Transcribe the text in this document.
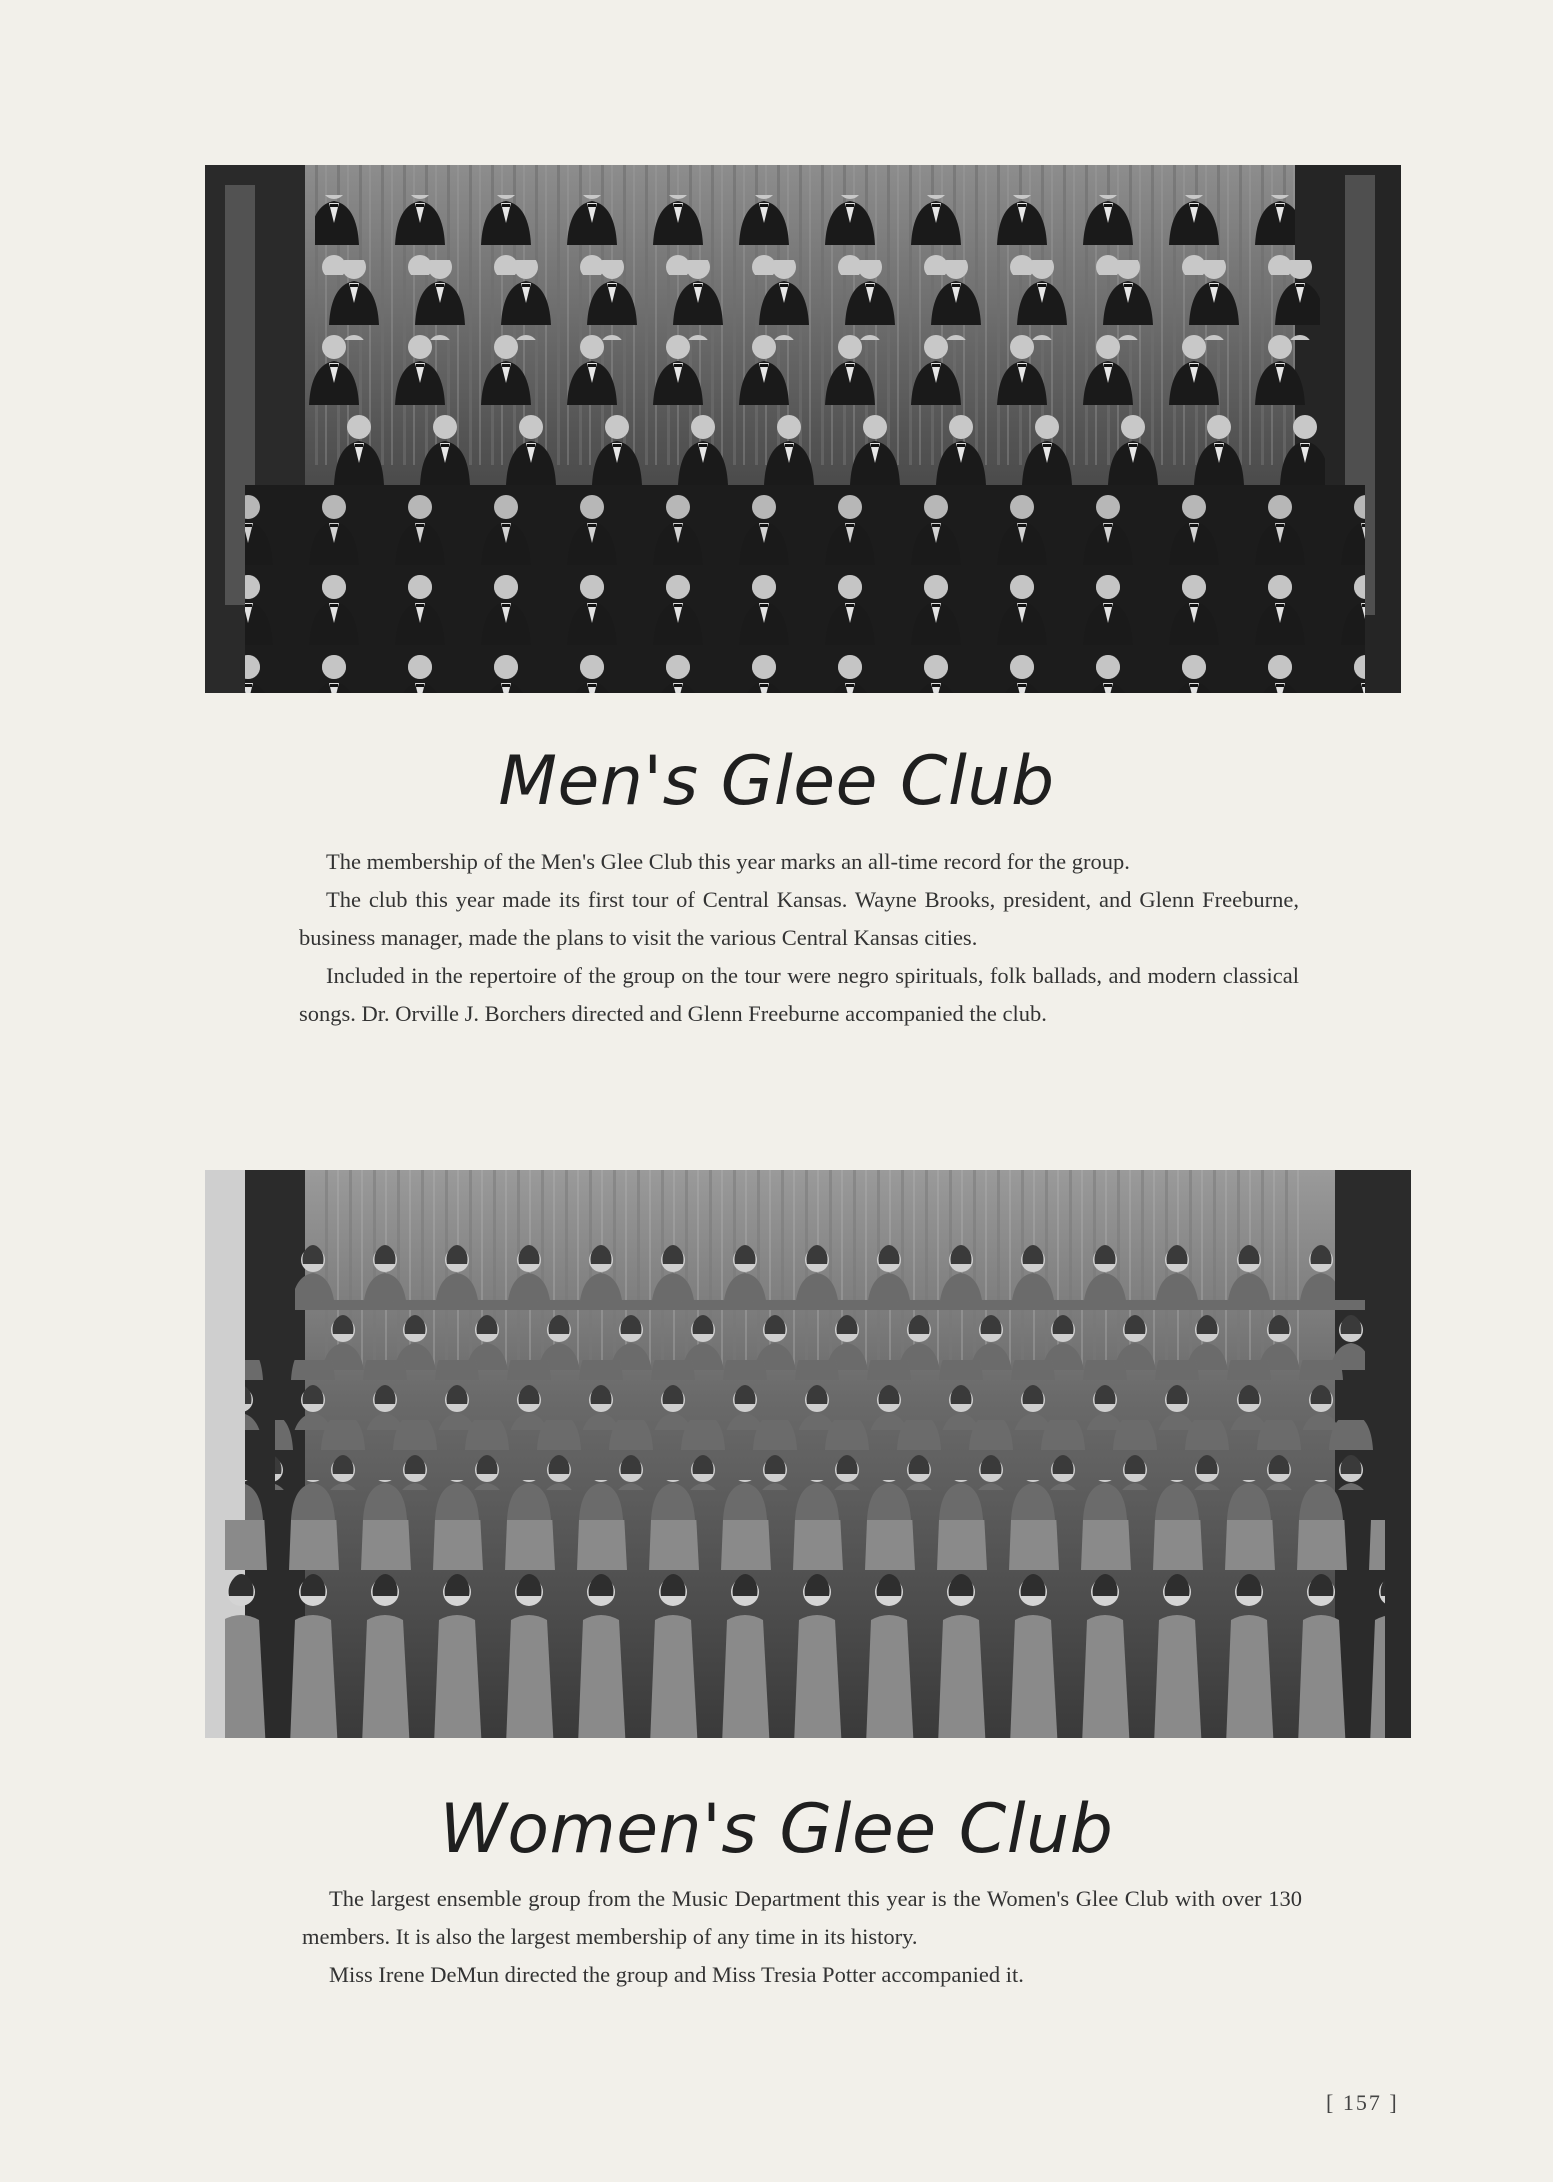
Men's Glee Club

The membership of the Men's Glee Club this year marks an all-time record for the group.

The club this year made its first tour of Central Kansas. Wayne Brooks, president, and Glenn Freeburne, business manager, made the plans to visit the various Central Kansas cities.

Included in the repertoire of the group on the tour were negro spirituals, folk ballads, and modern classical songs. Dr. Orville J. Borchers directed and Glenn Freeburne accompanied the club.

Women's Glee Club

The largest ensemble group from the Music Department this year is the Women's Glee Club with over 130 members. It is also the largest membership of any time in its history.

Miss Irene DeMun directed the group and Miss Tresia Potter accompanied it.

[ 157 ]
